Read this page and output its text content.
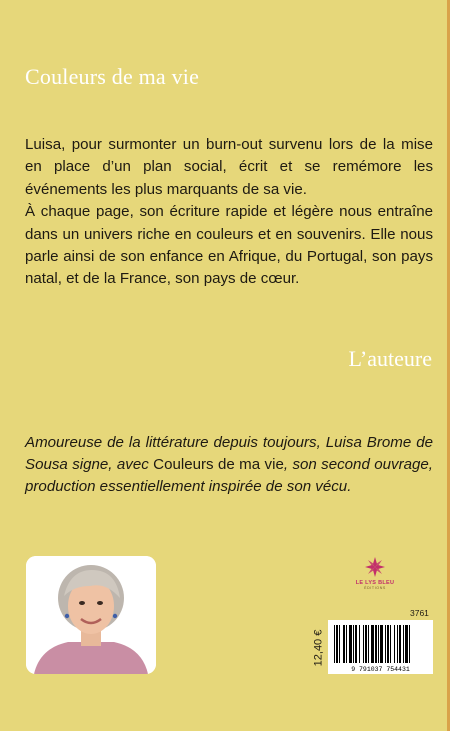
Couleurs de ma vie

Luisa, pour surmonter un burn-out survenu lors de la mise en place d’un plan social, écrit et se remémore les événements les plus marquants de sa vie.

À chaque page, son écriture rapide et légère nous entraîne dans un univers riche en couleurs et en souvenirs. Elle nous parle ainsi de son enfance en Afrique, du Portugal, son pays natal, et de la France, son pays de cœur.

L’auteure

Amoureuse de la littérature depuis toujours, Luisa Brome de Sousa signe, avec Couleurs de ma vie, son second ouvrage, production essentiellement inspirée de son vécu.

LE LYS BLEU
ÉDITIONS
3761
12,40 €
9 791037 754431
